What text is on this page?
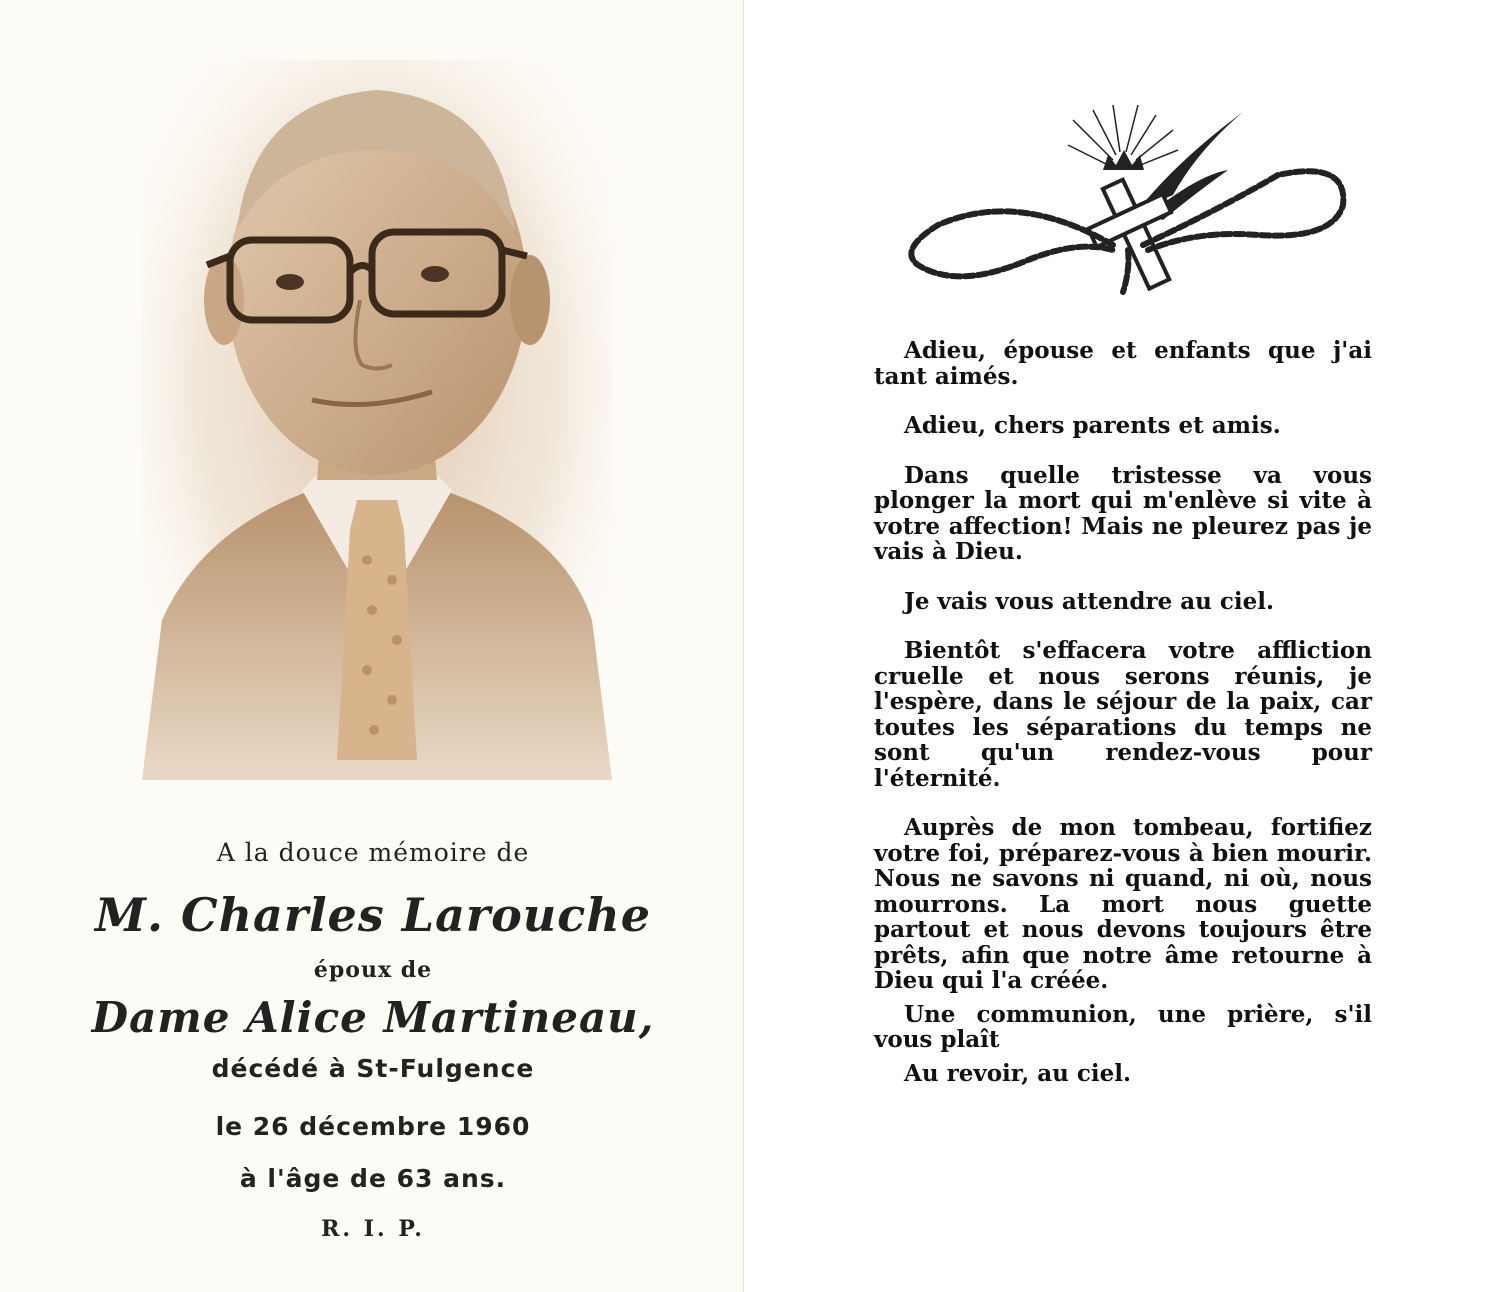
A la douce mémoire de
M. Charles Larouche
époux de
Dame Alice Martineau,
décédé à St-Fulgence
le 26 décembre 1960
à l'âge de 63 ans.
R. I. P.

Adieu, épouse et enfants que j'ai tant aimés.

Adieu, chers parents et amis.

Dans quelle tristesse va vous plonger la mort qui m'enlève si vite à votre affection! Mais ne pleurez pas je vais à Dieu.

Je vais vous attendre au ciel.

Bientôt s'effacera votre affliction cruelle et nous serons réunis, je l'espère, dans le séjour de la paix, car toutes les séparations du temps ne sont qu'un rendez-vous pour l'éternité.

Auprès de mon tombeau, fortifiez votre foi, préparez-vous à bien mourir. Nous ne savons ni quand, ni où, nous mourrons. La mort nous guette partout et nous devons toujours être prêts, afin que notre âme retourne à Dieu qui l'a créée.

Une communion, une prière, s'il vous plaît

Au revoir, au ciel.
